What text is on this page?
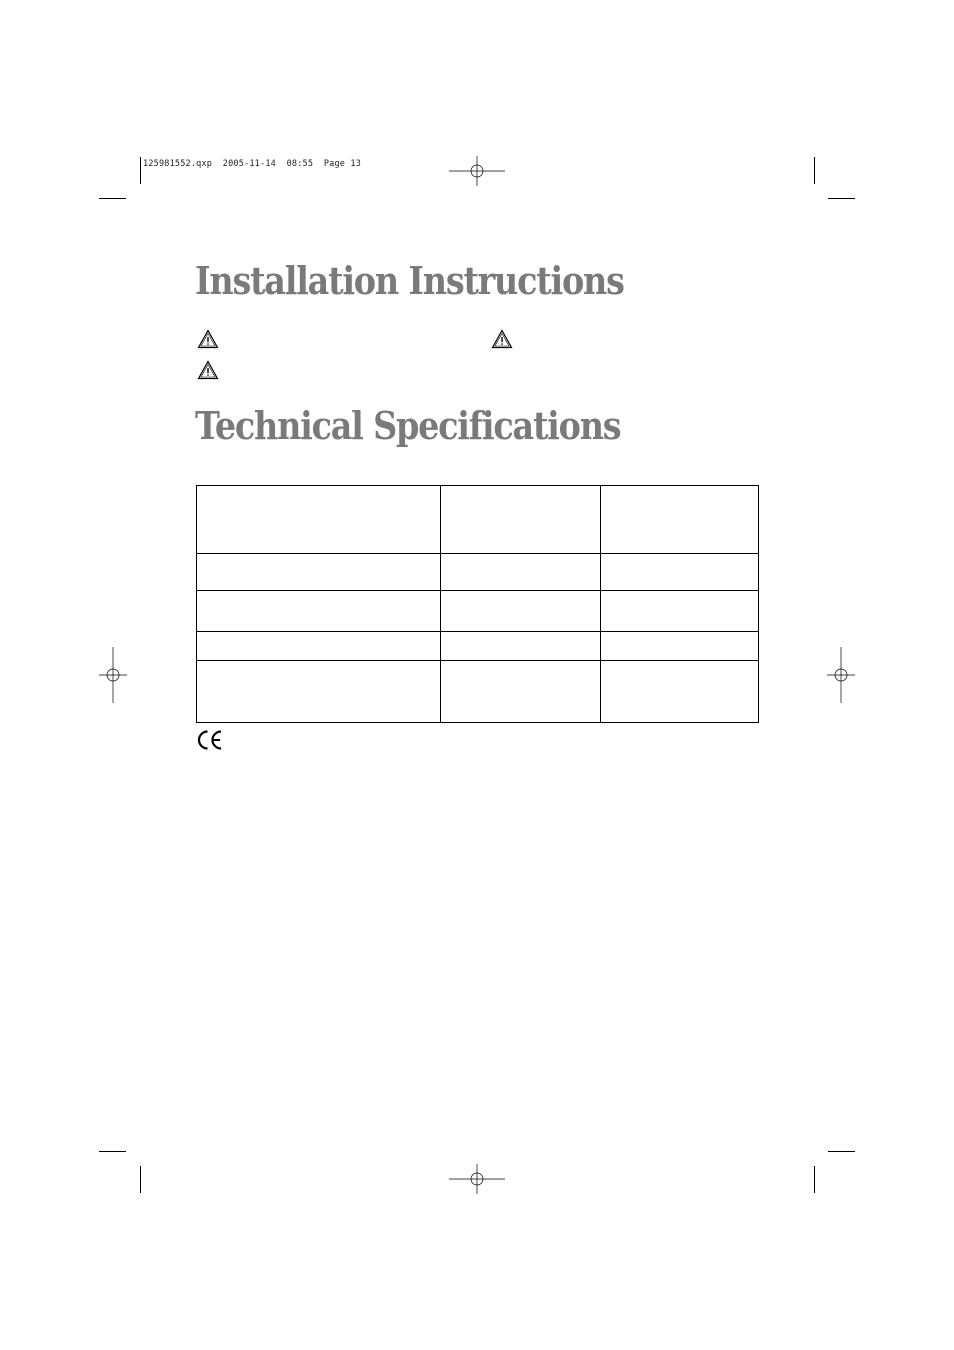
125981552.qxp 2005-11-14 08:55 Page 13
Installation Instructions
Technical Specifications
